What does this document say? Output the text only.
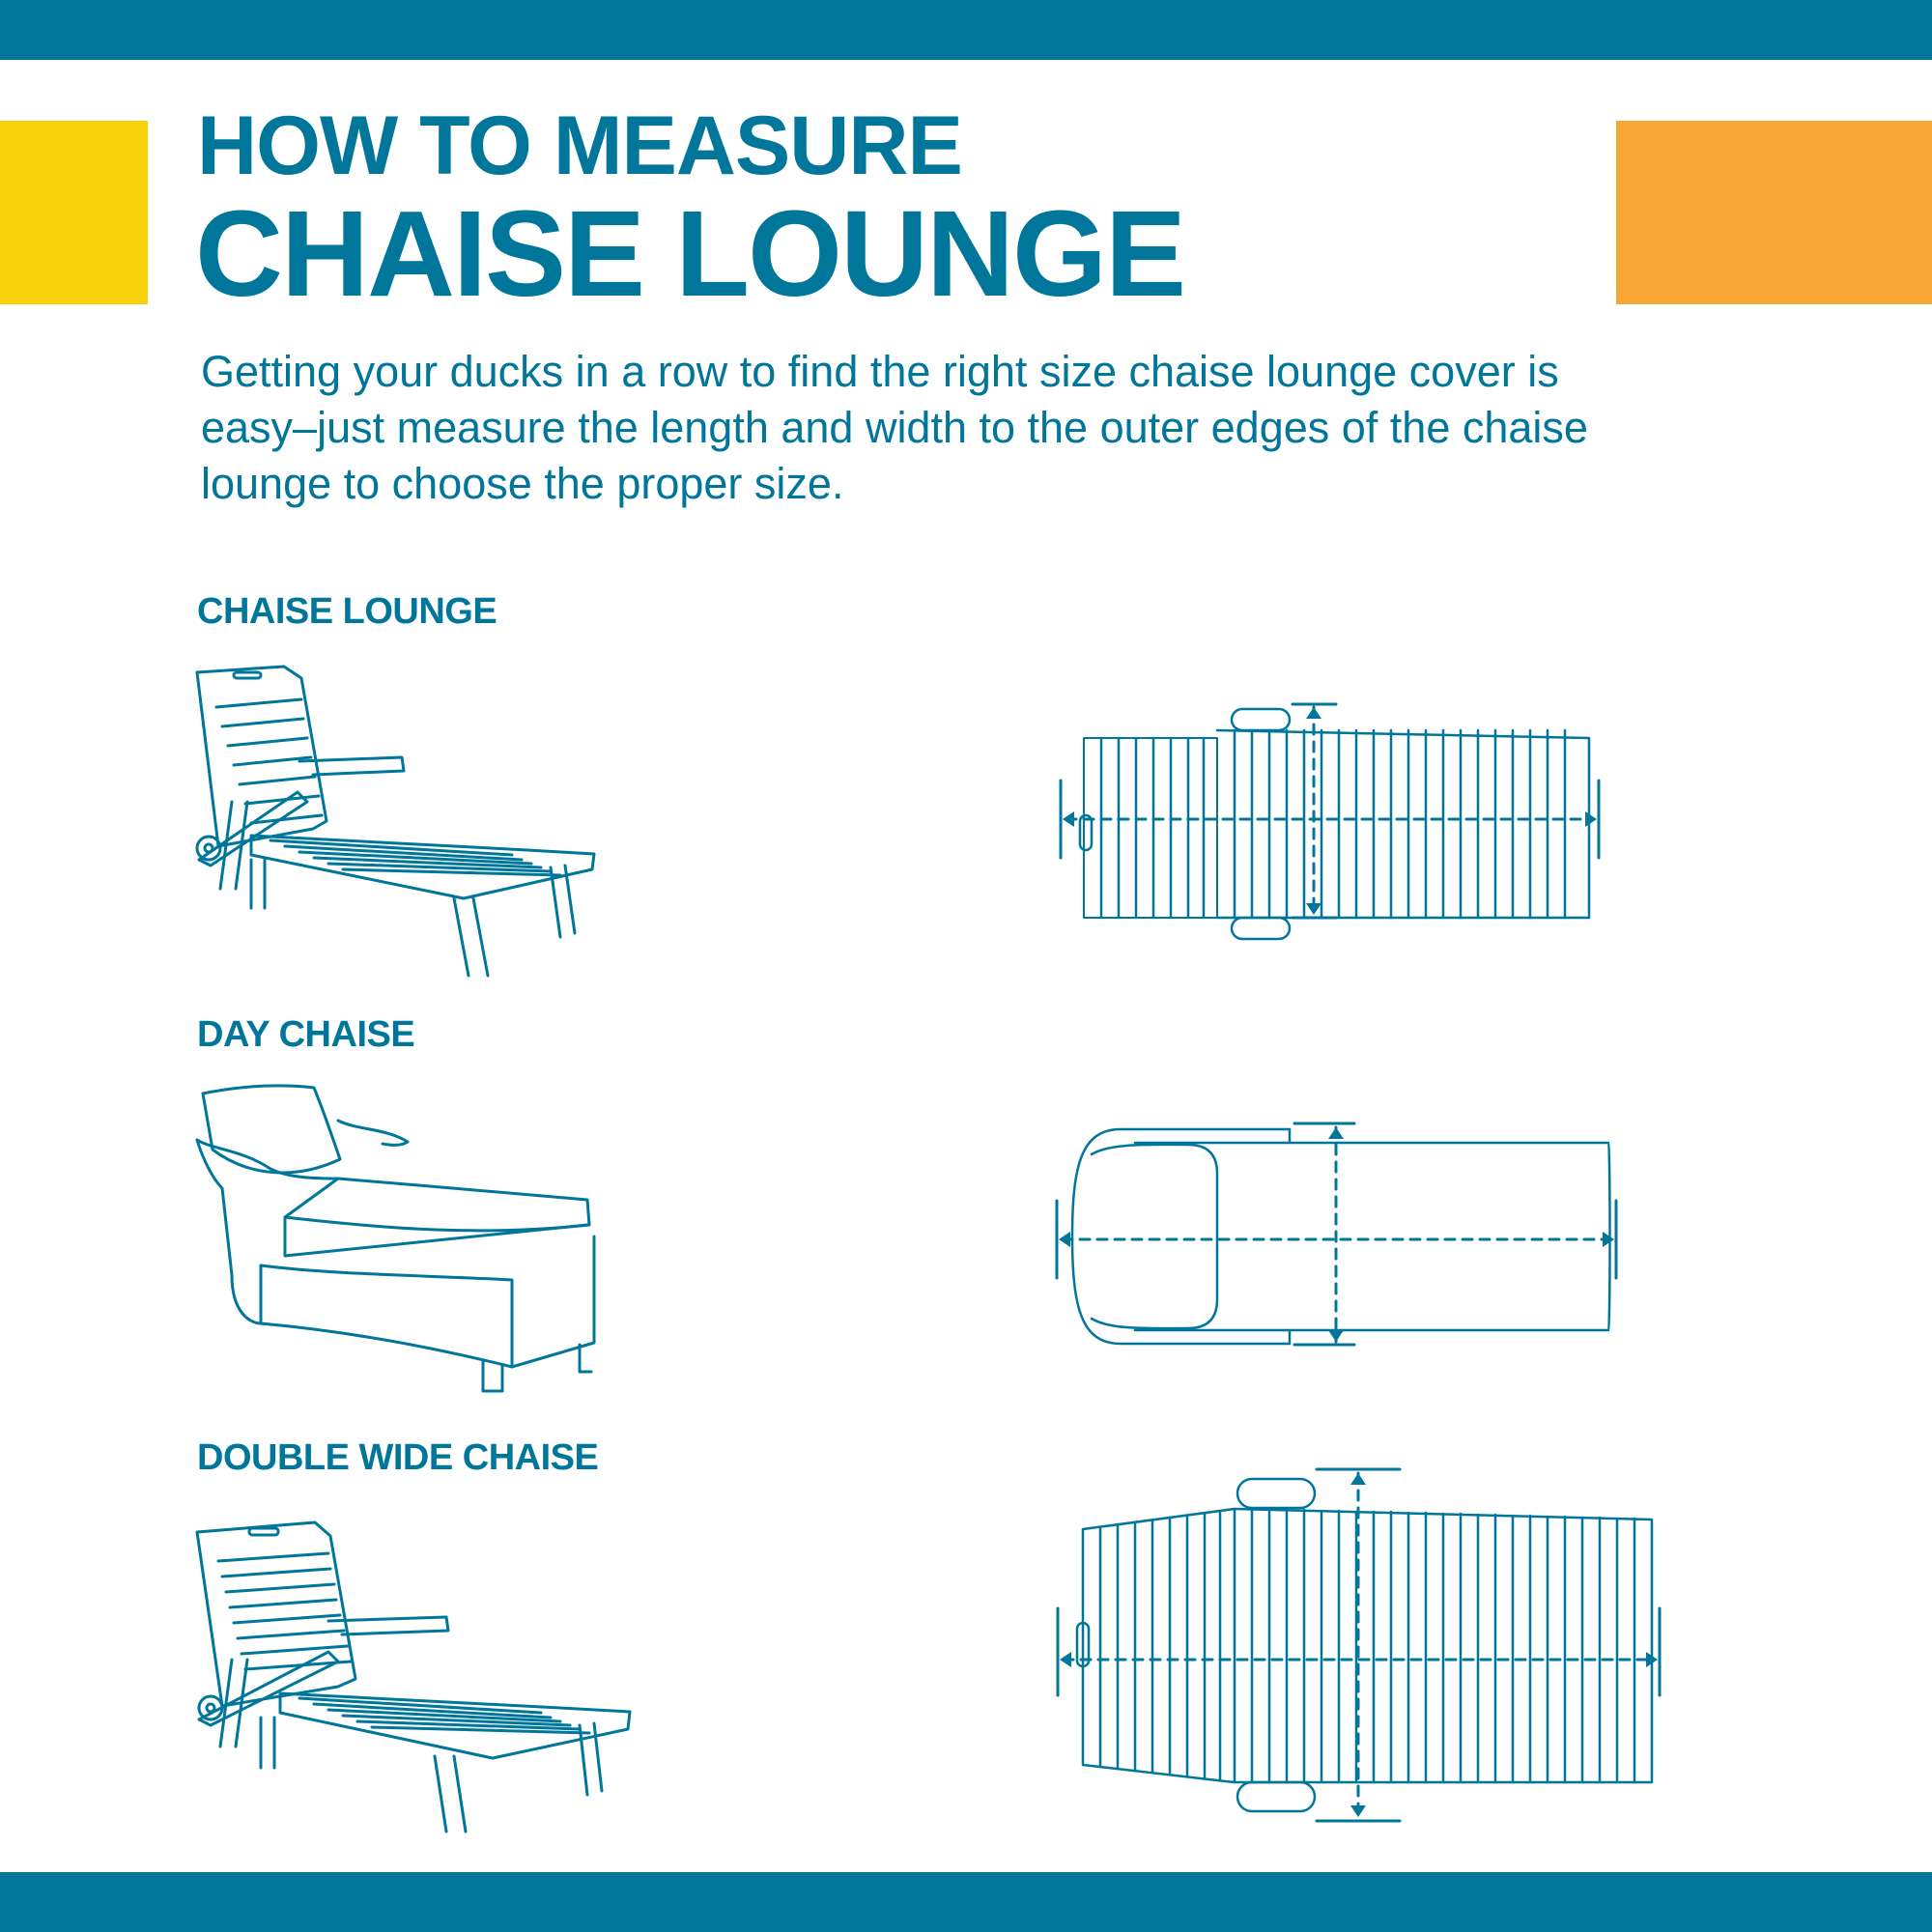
HOW TO MEASURE
CHAISE LOUNGE

Getting your ducks in a row to find the right size chaise lounge cover is easy–just measure the length and width to the outer edges of the chaise lounge to choose the proper size.

CHAISE LOUNGE
DAY CHAISE
DOUBLE WIDE CHAISE
